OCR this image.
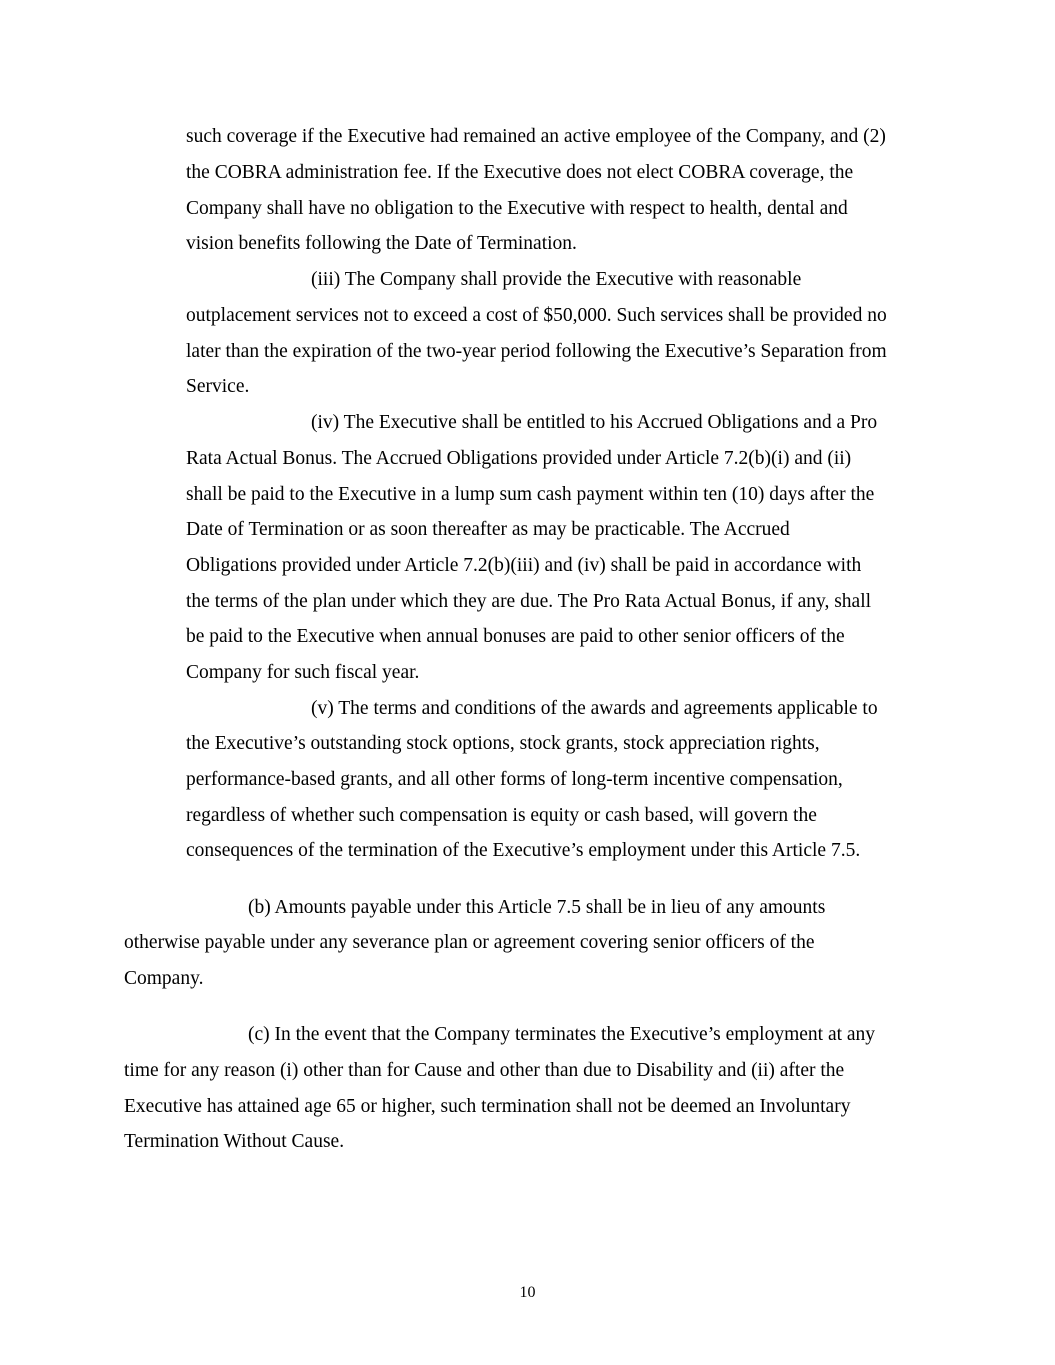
such coverage if the Executive had remained an active employee of the Company, and (2)
the COBRA administration fee. If the Executive does not elect COBRA coverage, the
Company shall have no obligation to the Executive with respect to health, dental and
vision benefits following the Date of Termination.
(iii) The Company shall provide the Executive with reasonable
outplacement services not to exceed a cost of $50,000. Such services shall be provided no
later than the expiration of the two-year period following the Executive’s Separation from
Service.
(iv) The Executive shall be entitled to his Accrued Obligations and a Pro
Rata Actual Bonus. The Accrued Obligations provided under Article 7.2(b)(i) and (ii)
shall be paid to the Executive in a lump sum cash payment within ten (10) days after the
Date of Termination or as soon thereafter as may be practicable. The Accrued
Obligations provided under Article 7.2(b)(iii) and (iv) shall be paid in accordance with
the terms of the plan under which they are due. The Pro Rata Actual Bonus, if any, shall
be paid to the Executive when annual bonuses are paid to other senior officers of the
Company for such fiscal year.
(v) The terms and conditions of the awards and agreements applicable to
the Executive’s outstanding stock options, stock grants, stock appreciation rights,
performance-based grants, and all other forms of long-term incentive compensation,
regardless of whether such compensation is equity or cash based, will govern the
consequences of the termination of the Executive’s employment under this Article 7.5.
(b) Amounts payable under this Article 7.5 shall be in lieu of any amounts
otherwise payable under any severance plan or agreement covering senior officers of the
Company.
(c) In the event that the Company terminates the Executive’s employment at any
time for any reason (i) other than for Cause and other than due to Disability and (ii) after the
Executive has attained age 65 or higher, such termination shall not be deemed an Involuntary
Termination Without Cause.
10
